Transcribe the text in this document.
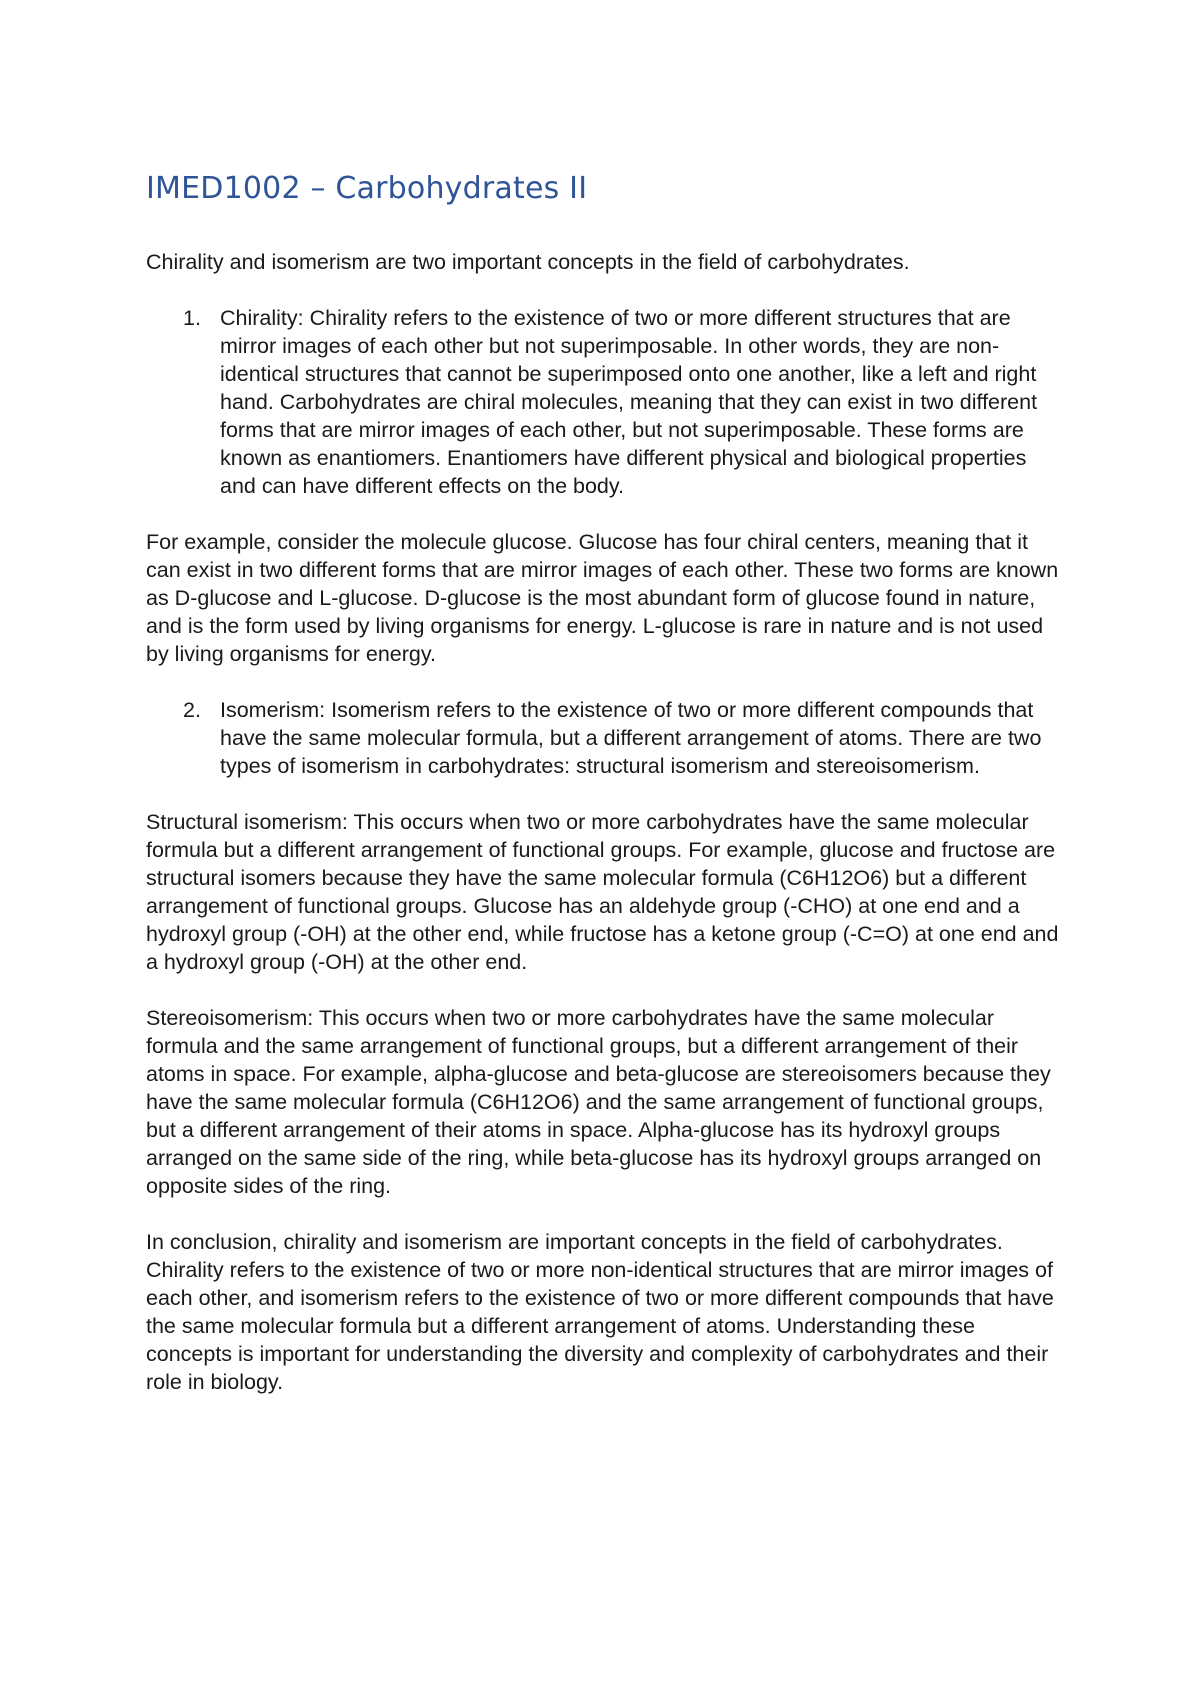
IMED1002 – Carbohydrates II

Chirality and isomerism are two important concepts in the field of carbohydrates.

1. Chirality: Chirality refers to the existence of two or more different structures that are mirror images of each other but not superimposable. In other words, they are non-identical structures that cannot be superimposed onto one another, like a left and right hand. Carbohydrates are chiral molecules, meaning that they can exist in two different forms that are mirror images of each other, but not superimposable. These forms are known as enantiomers. Enantiomers have different physical and biological properties and can have different effects on the body.

For example, consider the molecule glucose. Glucose has four chiral centers, meaning that it can exist in two different forms that are mirror images of each other. These two forms are known as D-glucose and L-glucose. D-glucose is the most abundant form of glucose found in nature, and is the form used by living organisms for energy. L-glucose is rare in nature and is not used by living organisms for energy.

2. Isomerism: Isomerism refers to the existence of two or more different compounds that have the same molecular formula, but a different arrangement of atoms. There are two types of isomerism in carbohydrates: structural isomerism and stereoisomerism.

Structural isomerism: This occurs when two or more carbohydrates have the same molecular formula but a different arrangement of functional groups. For example, glucose and fructose are structural isomers because they have the same molecular formula (C6H12O6) but a different arrangement of functional groups. Glucose has an aldehyde group (-CHO) at one end and a hydroxyl group (-OH) at the other end, while fructose has a ketone group (-C=O) at one end and a hydroxyl group (-OH) at the other end.

Stereoisomerism: This occurs when two or more carbohydrates have the same molecular formula and the same arrangement of functional groups, but a different arrangement of their atoms in space. For example, alpha-glucose and beta-glucose are stereoisomers because they have the same molecular formula (C6H12O6) and the same arrangement of functional groups, but a different arrangement of their atoms in space. Alpha-glucose has its hydroxyl groups arranged on the same side of the ring, while beta-glucose has its hydroxyl groups arranged on opposite sides of the ring.

In conclusion, chirality and isomerism are important concepts in the field of carbohydrates. Chirality refers to the existence of two or more non-identical structures that are mirror images of each other, and isomerism refers to the existence of two or more different compounds that have the same molecular formula but a different arrangement of atoms. Understanding these concepts is important for understanding the diversity and complexity of carbohydrates and their role in biology.
